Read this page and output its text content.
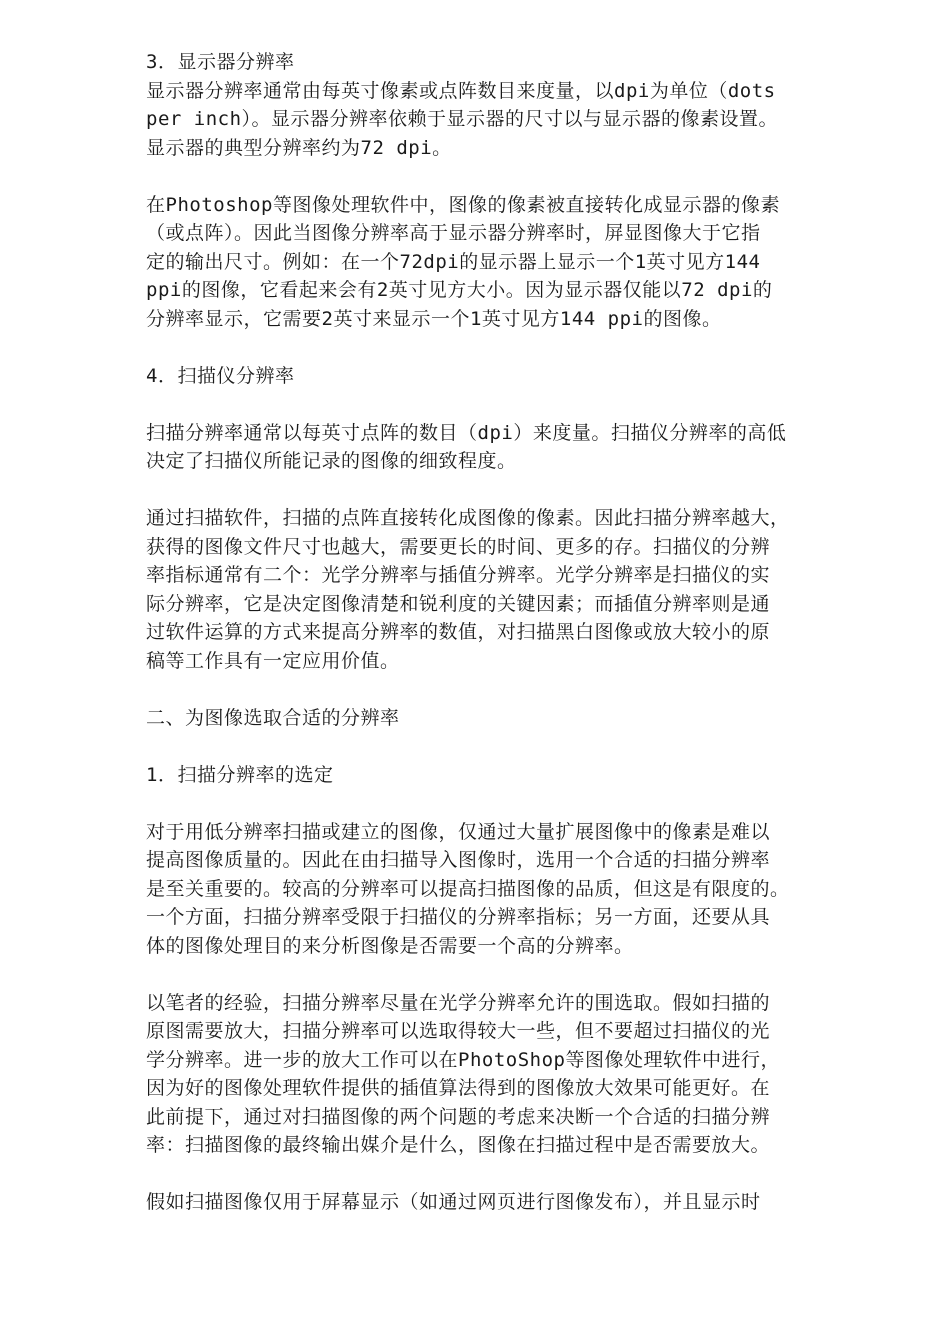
3．显示器分辨率
显示器分辨率通常由每英寸像素或点阵数目来度量，以dpi为单位（dots
per inch）。显示器分辨率依赖于显示器的尺寸以与显示器的像素设置。
显示器的典型分辨率约为72 dpi。
在Photoshop等图像处理软件中，图像的像素被直接转化成显示器的像素
（或点阵）。因此当图像分辨率高于显示器分辨率时，屏显图像大于它指
定的输出尺寸。例如：在一个72dpi的显示器上显示一个1英寸见方144
ppi的图像，它看起来会有2英寸见方大小。因为显示器仅能以72 dpi的
分辨率显示，它需要2英寸来显示一个1英寸见方144 ppi的图像。
4．扫描仪分辨率
扫描分辨率通常以每英寸点阵的数目（dpi）来度量。扫描仪分辨率的高低
决定了扫描仪所能记录的图像的细致程度。
通过扫描软件，扫描的点阵直接转化成图像的像素。因此扫描分辨率越大，
获得的图像文件尺寸也越大，需要更长的时间、更多的存。扫描仪的分辨
率指标通常有二个：光学分辨率与插值分辨率。光学分辨率是扫描仪的实
际分辨率，它是决定图像清楚和锐利度的关键因素；而插值分辨率则是通
过软件运算的方式来提高分辨率的数值，对扫描黑白图像或放大较小的原
稿等工作具有一定应用价值。
二、为图像选取合适的分辨率
1．扫描分辨率的选定
对于用低分辨率扫描或建立的图像，仅通过大量扩展图像中的像素是难以
提高图像质量的。因此在由扫描导入图像时，选用一个合适的扫描分辨率
是至关重要的。较高的分辨率可以提高扫描图像的品质，但这是有限度的。
一个方面，扫描分辨率受限于扫描仪的分辨率指标；另一方面，还要从具
体的图像处理目的来分析图像是否需要一个高的分辨率。
以笔者的经验，扫描分辨率尽量在光学分辨率允许的围选取。假如扫描的
原图需要放大，扫描分辨率可以选取得较大一些，但不要超过扫描仪的光
学分辨率。进一步的放大工作可以在PhotoShop等图像处理软件中进行，
因为好的图像处理软件提供的插值算法得到的图像放大效果可能更好。在
此前提下，通过对扫描图像的两个问题的考虑来决断一个合适的扫描分辨
率：扫描图像的最终输出媒介是什么，图像在扫描过程中是否需要放大。
假如扫描图像仅用于屏幕显示（如通过网页进行图像发布），并且显示时
